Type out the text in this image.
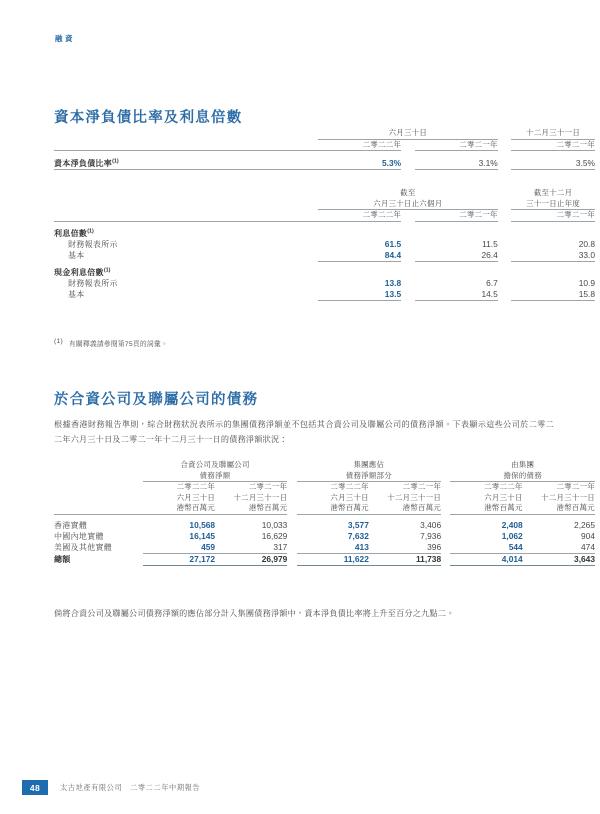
融資
資本淨負債比率及利息倍數
	六月三十日				十二月三十一日
	二零二二年		二零二一年		二零二一年

資本淨負債比率$^{(1)}$	5.3%		3.1%		3.5%

	截至
六月三十日止六個月				截至十二月
三十一日止年度
	二零二二年		二零二一年		二零二一年

利息倍數$^{(1)}$	
財務報表所示	61.5		11.5		20.8
基本	84.4		26.4		33.0

現金利息倍數$^{(1)}$	
財務報表所示	13.8		6.7		10.9
基本	13.5		14.5		15.8
(1) 有關釋義請參閱第75頁的詞彙。
於合資公司及聯屬公司的債務

根據香港財務報告準則，綜合財務狀況表所示的集團債務淨額並不包括其合資公司及聯屬公司的債務淨額。下表顯示這些公司於二零二二年六月三十日及二零二一年十二月三十一日的債務淨額狀況：

	合資公司及聯屬公司
債務淨額			集團應佔
債務淨額部分			由集團
擔保的債務	
	二零二二年
六月三十日
港幣百萬元	二零二一年
十二月三十一日
港幣百萬元		二零二二年
六月三十日
港幣百萬元	二零二一年
十二月三十一日
港幣百萬元		二零二二年
六月三十日
港幣百萬元	二零二一年
十二月三十一日
港幣百萬元

香港實體	10,568	10,033		3,577	3,406		2,408	2,265
中國內地實體	16,145	16,629		7,632	7,936		1,062	904
美國及其他實體	459	317		413	396		544	474
總額	27,172	26,979		11,622	11,738		4,014	3,643

倘將合資公司及聯屬公司債務淨額的應佔部分計入集團債務淨額中，資本淨負債比率將上升至百分之九點二。

48	太古地產有限公司　二零二二年中期報告
